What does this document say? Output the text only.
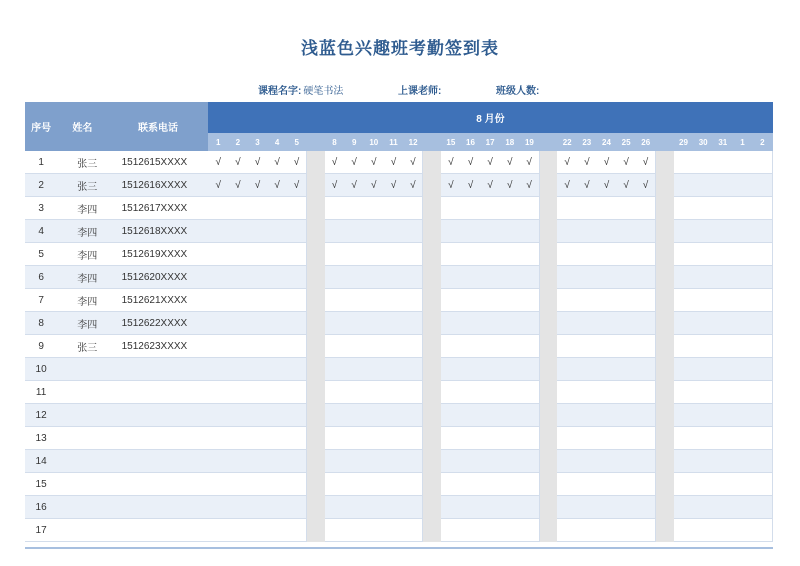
浅蓝色兴趣班考勤签到表
课程名字: 硬笔书法	上课老师:	班级人数:
序号	姓名	联系电话	8 月份																												
			1	2	3	4	5		8	9	10	11	12		15	16	17	18	19		22	23	24	25	26		29	30	31	1	2
1	张三	1512615XXXX	√	√	√	√	√		√	√	√	√	√		√	√	√	√	√		√	√	√	√	√						
2	张三	1512616XXXX	√	√	√	√	√		√	√	√	√	√		√	√	√	√	√		√	√	√	√	√						
3	李四	1512617XXXX																													
4	李四	1512618XXXX																													
5	李四	1512619XXXX																													
6	李四	1512620XXXX																													
7	李四	1512621XXXX																													
8	李四	1512622XXXX																													
9	张三	1512623XXXX																													
10																															
11																															
12																															
13																															
14																															
15																															
16																															
17																															
